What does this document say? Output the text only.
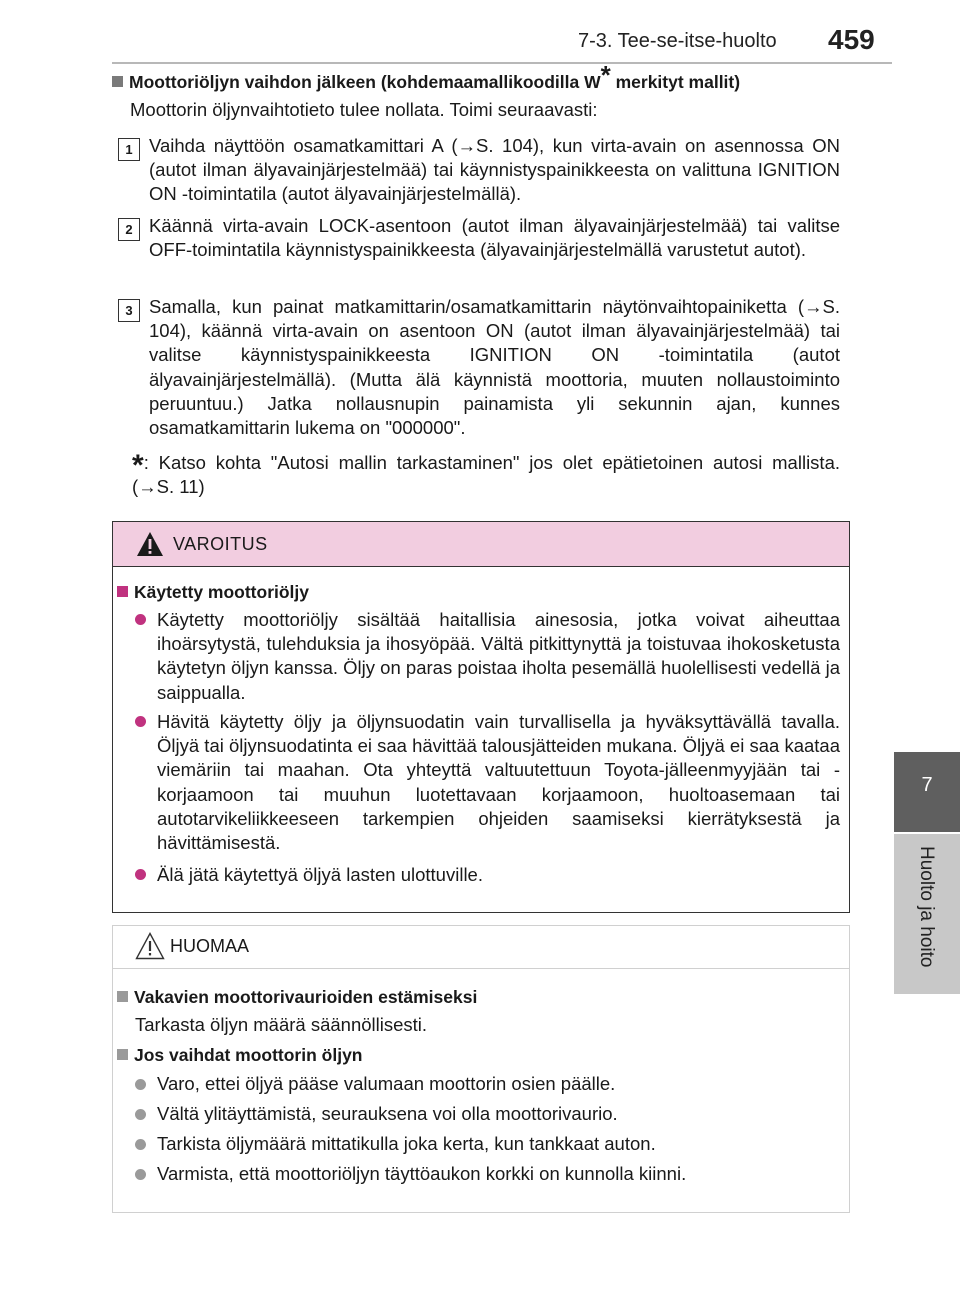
7-3. Tee-se-itse-huolto 459
7
Huolto ja hoito
Moottoriöljyn vaihdon jälkeen (kohdemaamallikoodilla W* merkityt mallit)
Moottorin öljynvaihtotieto tulee nollata. Toimi seuraavasti:
1 Vaihda näyttöön osamatkamittari A (→S. 104), kun virta-avain on asennossa ON (autot ilman älyavainjärjestelmää) tai käynnistyspainikkeesta on valittuna IGNITION ON -toimintatila (autot älyavainjärjestelmällä).
2 Käännä virta-avain LOCK-asentoon (autot ilman älyavainjärjestelmää) tai valitse OFF-toimintatila käynnistyspainikkeesta (älyavainjärjestelmällä varustetut autot).
3 Samalla, kun painat matkamittarin/osamatkamittarin näytönvaihtopainiketta (→S. 104), käännä virta-avain on asentoon ON (autot ilman älyavainjärjestelmää) tai valitse käynnistyspainikkeesta IGNITION ON -toimintatila (autot älyavainjärjestelmällä). (Mutta älä käynnistä moottoria, muuten nollaustoiminto peruuntuu.) Jatka nollausnupin painamista yli sekunnin ajan, kunnes osamatkamittarin lukema on "000000".
*: Katso kohta "Autosi mallin tarkastaminen" jos olet epätietoinen autosi mallista. (→S. 11)
VAROITUS
Käytetty moottoriöljy
Käytetty moottoriöljy sisältää haitallisia ainesosia, jotka voivat aiheuttaa ihoärsytystä, tulehduksia ja ihosyöpää. Vältä pitkittynyttä ja toistuvaa ihokosketusta käytetyn öljyn kanssa. Öljy on paras poistaa iholta pesemällä huolellisesti vedellä ja saippualla.
Hävitä käytetty öljy ja öljynsuodatin vain turvallisella ja hyväksyttävällä tavalla. Öljyä tai öljynsuodatinta ei saa hävittää talousjätteiden mukana. Öljyä ei saa kaataa viemäriin tai maahan. Ota yhteyttä valtuutettuun Toyota-jälleenmyyjään tai -korjaamoon tai muuhun luotettavaan korjaamoon, huoltoasemaan tai autotarvikeliikkeeseen tarkempien ohjeiden saamiseksi kierrätyksestä ja hävittämisestä.
Älä jätä käytettyä öljyä lasten ulottuville.
HUOMAA
Vakavien moottorivaurioiden estämiseksi
Tarkasta öljyn määrä säännöllisesti.
Jos vaihdat moottorin öljyn
Varo, ettei öljyä pääse valumaan moottorin osien päälle.
Vältä ylitäyttämistä, seurauksena voi olla moottorivaurio.
Tarkista öljymäärä mittatikulla joka kerta, kun tankkaat auton.
Varmista, että moottoriöljyn täyttöaukon korkki on kunnolla kiinni.
